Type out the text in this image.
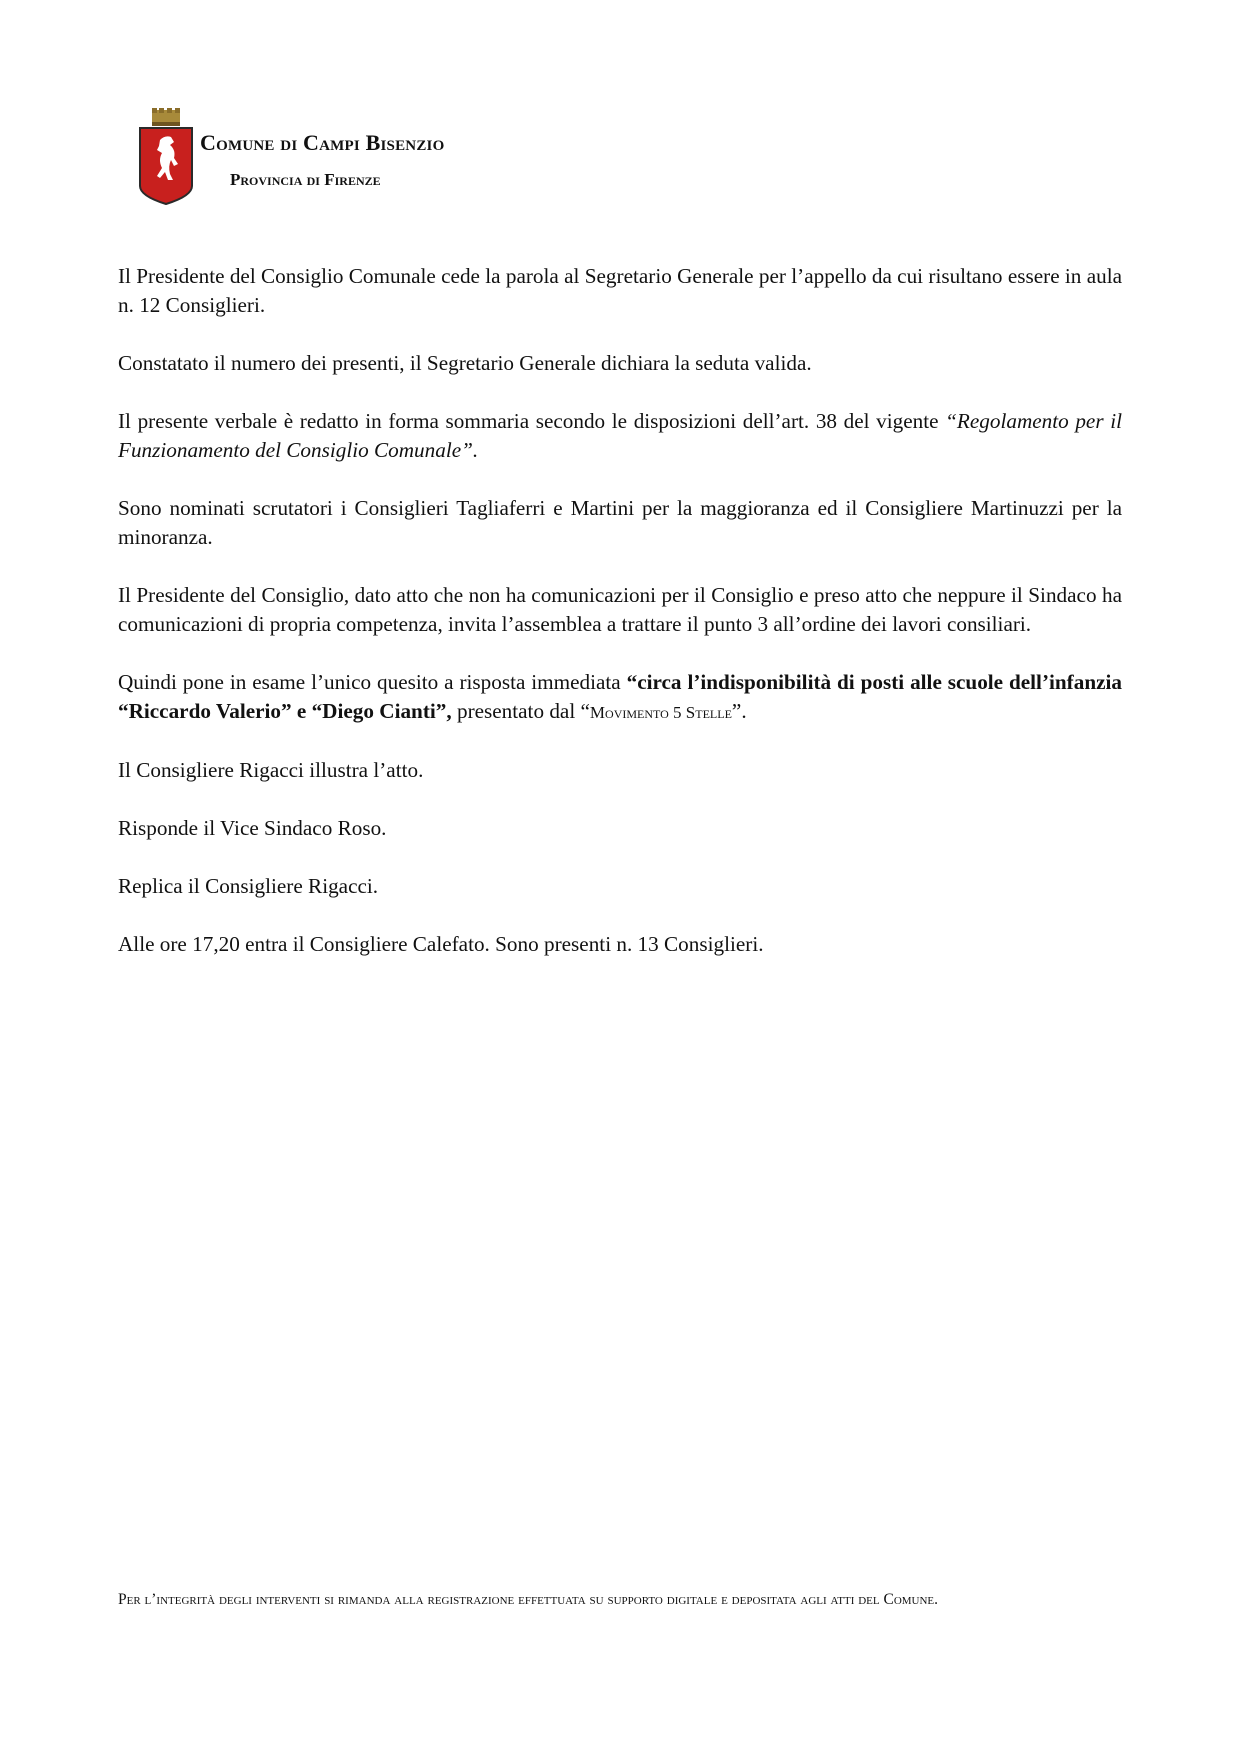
Comune di Campi Bisenzio
Provincia di Firenze

Il Presidente del Consiglio Comunale cede la parola al Segretario Generale per l’appello da cui risultano essere in aula n. 12 Consiglieri.

Constatato il numero dei presenti, il Segretario Generale dichiara la seduta valida.

Il presente verbale è redatto in forma sommaria secondo le disposizioni dell’art. 38 del vigente “Regolamento per il Funzionamento del Consiglio Comunale”.

Sono nominati scrutatori i Consiglieri Tagliaferri e Martini per la maggioranza ed il Consigliere Martinuzzi per la minoranza.

Il Presidente del Consiglio, dato atto che non ha comunicazioni per il Consiglio e preso atto che neppure il Sindaco ha comunicazioni di propria competenza, invita l’assemblea a trattare il punto 3 all’ordine dei lavori consiliari.

Quindi pone in esame l’unico quesito a risposta immediata “circa l’indisponibilità di posti alle scuole dell’infanzia “Riccardo Valerio” e “Diego Cianti”, presentato dal “Movimento 5 Stelle”.

Il Consigliere Rigacci illustra l’atto.

Risponde il Vice Sindaco Roso.

Replica il Consigliere Rigacci.

Alle ore 17,20 entra il Consigliere Calefato. Sono presenti n. 13 Consiglieri.

Per l’integrità degli interventi si rimanda alla registrazione effettuata su supporto digitale e depositata agli atti del Comune.
